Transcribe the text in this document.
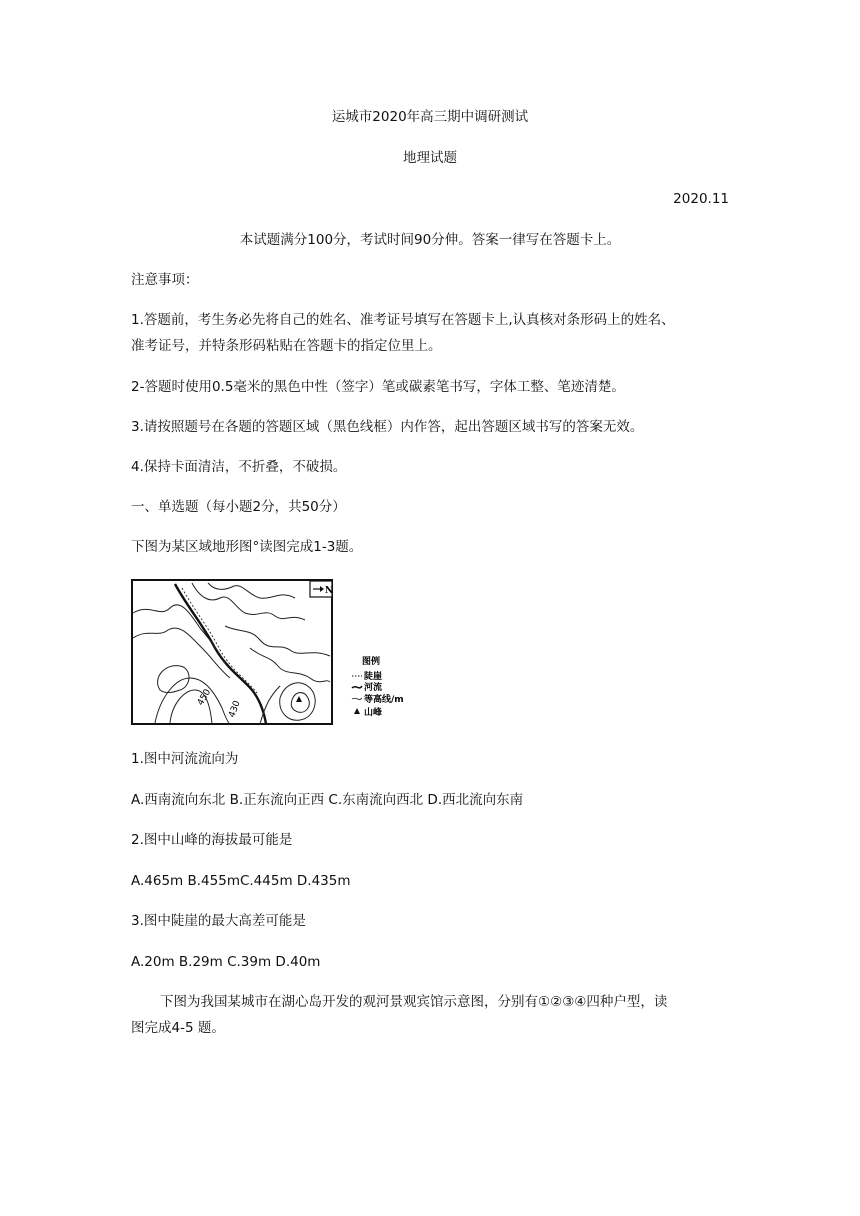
运城市2020年高三期中调研测试
地理试题
2020.11
本试题满分100分，考试时间90分伸。答案一律写在答题卡上。
注意事项：
1.答题前，考生务必先将自己的姓名、准考证号填写在答题卡上,认真核对条形码上的姓名、
准考证号，并特条形码粘贴在答题卡的指定位里上。
2-答题时使用0.5毫米的黑色中性（签字）笔或碳素笔书写，字体工整、笔迹清楚。
3.请按照题号在各题的答题区域（黑色线框）内作答，起出答题区域书写的答案无效。
4.保持卡面清洁，不折叠，不破损。
一、单选题（每小题2分，共50分）
下图为某区域地形图°读图完成1-3题。
N
450
430
图例
陡崖
河流
等高线/m
山峰
1.图中河流流向为
A.西南流向东北 B.正东流向正西 C.东南流向西北 D.西北流向东南
2.图中山峰的海拔最可能是
A.465m B.455mC.445m D.435m
3.图中陡崖的最大高差可能是
A.20m B.29m C.39m D.40m
下图为我国某城市在湖心岛开发的观河景观宾馆示意图，分别有①②③④四种户型，读
图完成4-5 题。
